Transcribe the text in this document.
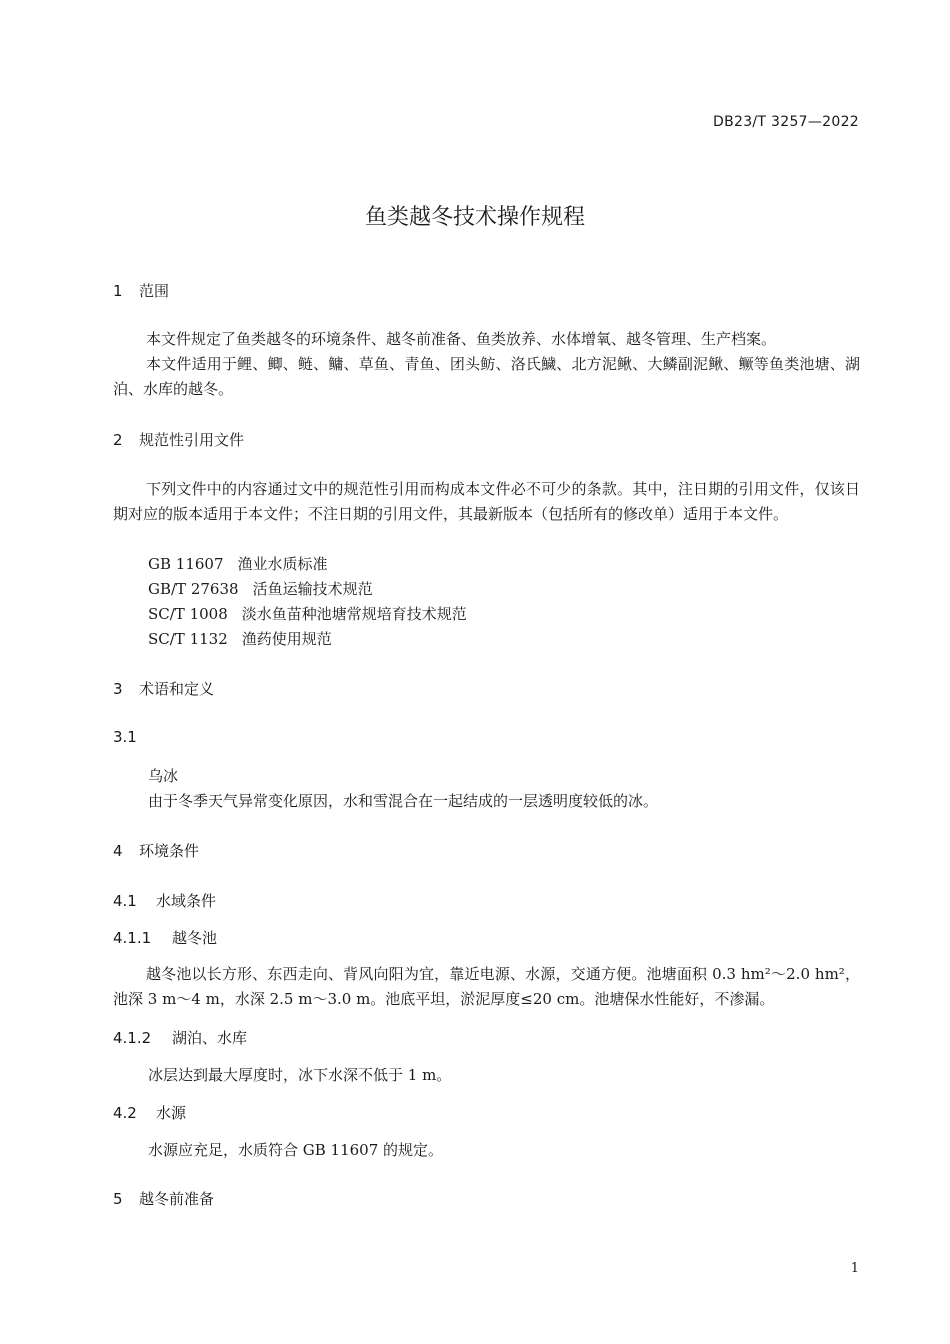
DB23/T 3257—2022
鱼类越冬技术操作规程
1 范围

本文件规定了鱼类越冬的环境条件、越冬前准备、鱼类放养、水体增氧、越冬管理、生产档案。

本文件适用于鲤、鲫、鲢、鳙、草鱼、青鱼、团头鲂、洛氏鱥、北方泥鳅、大鳞副泥鳅、鳜等鱼类池塘、湖泊、水库的越冬。

2 规范性引用文件

下列文件中的内容通过文中的规范性引用而构成本文件必不可少的条款。其中，注日期的引用文件，仅该日期对应的版本适用于本文件；不注日期的引用文件，其最新版本（包括所有的修改单）适用于本文件。

GB 11607 渔业水质标准
GB/T 27638 活鱼运输技术规范
SC/T 1008 淡水鱼苗种池塘常规培育技术规范
SC/T 1132 渔药使用规范
3 术语和定义
3.1
乌冰
由于冬季天气异常变化原因，水和雪混合在一起结成的一层透明度较低的冰。
4 环境条件
4.1 水域条件
4.1.1 越冬池

越冬池以长方形、东西走向、背风向阳为宜，靠近电源、水源，交通方便。池塘面积 0.3 hm²～2.0 hm²，池深 3 m～4 m，水深 2.5 m～3.0 m。池底平坦，淤泥厚度≤20 cm。池塘保水性能好，不渗漏。

4.1.2 湖泊、水库
冰层达到最大厚度时，冰下水深不低于 1 m。
4.2 水源
水源应充足，水质符合 GB 11607 的规定。
5 越冬前准备
1
